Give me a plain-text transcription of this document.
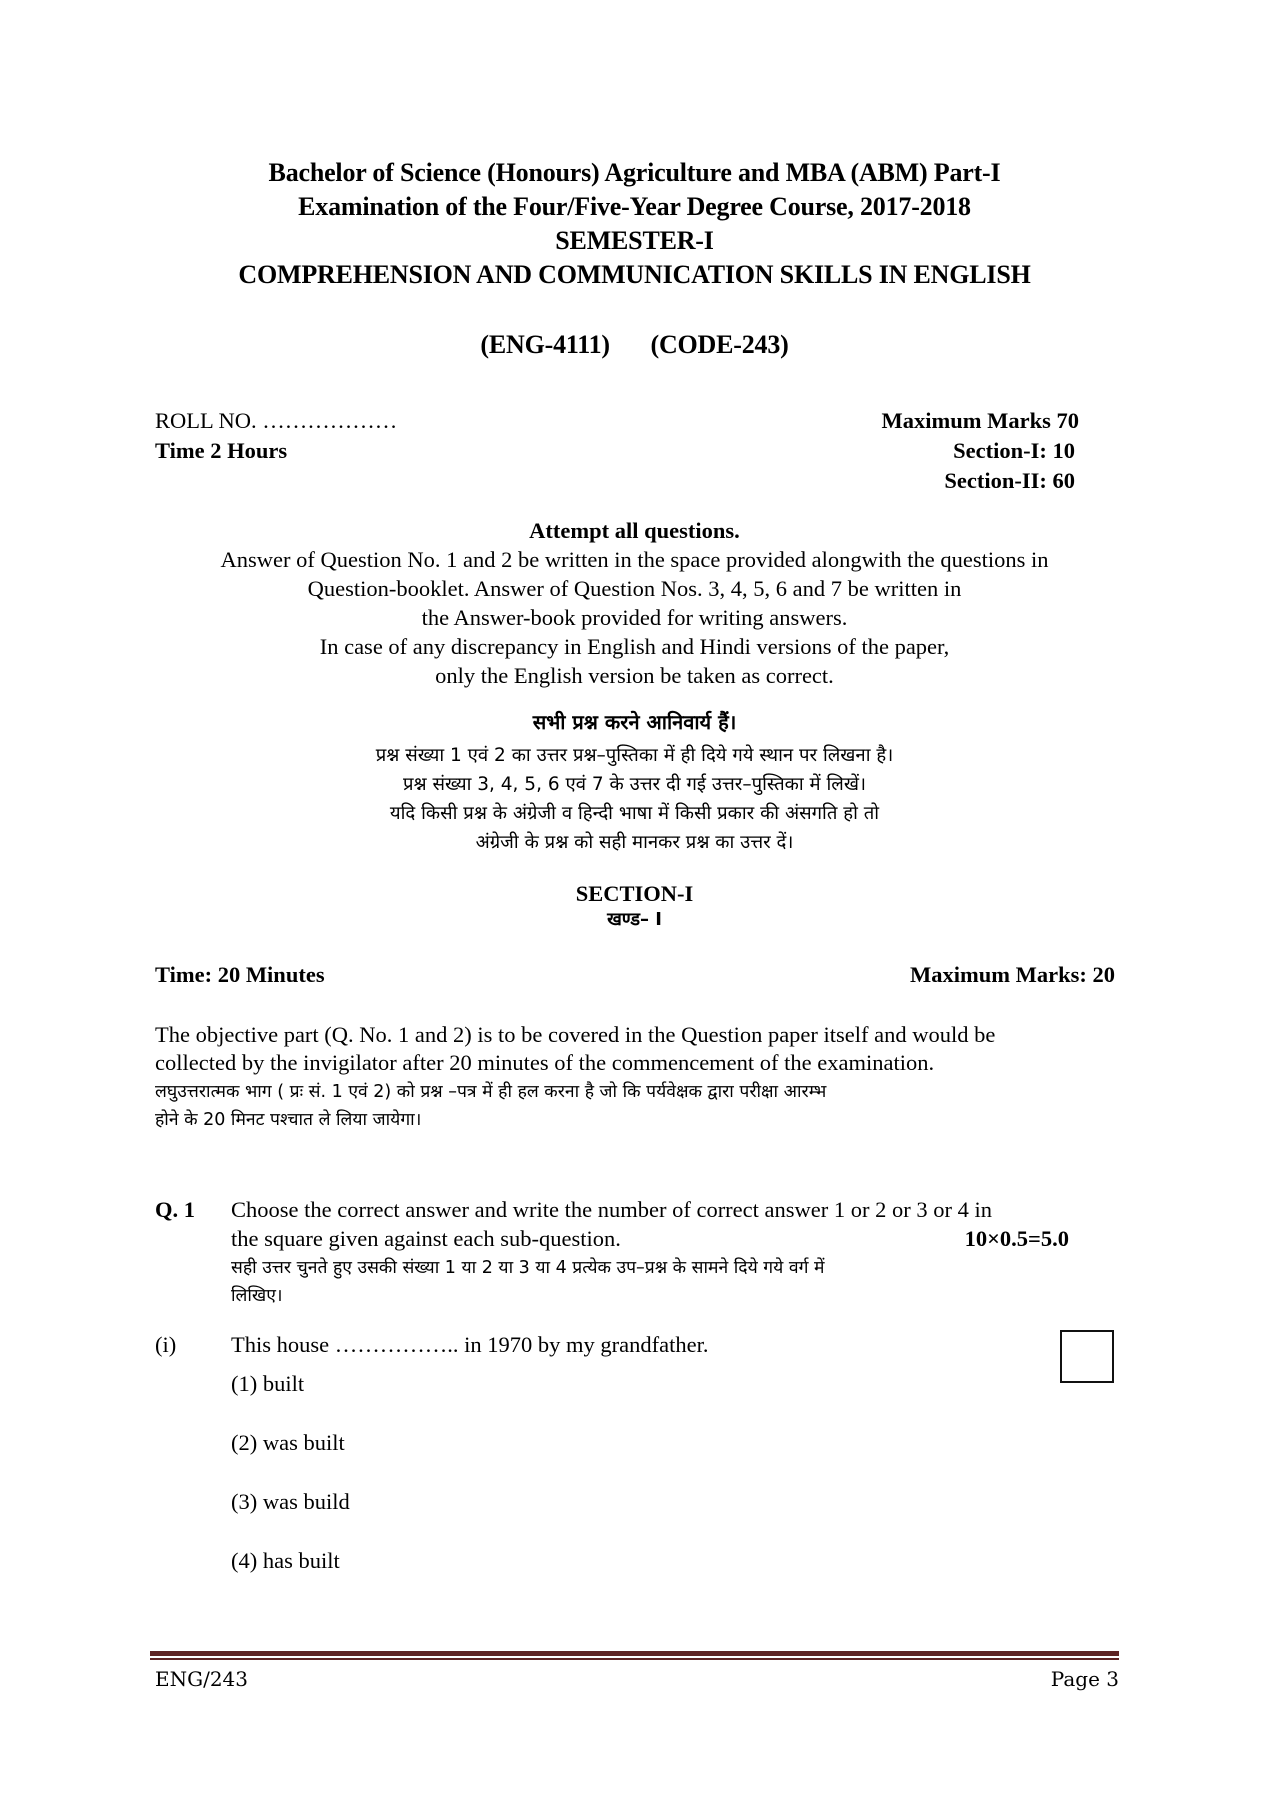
Bachelor of Science (Honours) Agriculture and MBA (ABM) Part-I
Examination of the Four/Five-Year Degree Course, 2017-2018
SEMESTER-I
COMPREHENSION AND COMMUNICATION SKILLS IN ENGLISH
(ENG-4111) (CODE-243)
ROLL NO. ………………
Time 2 Hours
Maximum Marks 70
Section-I: 10
Section-II: 60
Attempt all questions.
Answer of Question No. 1 and 2 be written in the space provided alongwith the questions in
Question-booklet. Answer of Question Nos. 3, 4, 5, 6 and 7 be written in
the Answer-book provided for writing answers.
In case of any discrepancy in English and Hindi versions of the paper,
only the English version be taken as correct.
सभी प्रश्न करने आनिवार्य हैं।
प्रश्न संख्या 1 एवं 2 का उत्तर प्रश्न–पुस्तिका में ही दिये गये स्थान पर लिखना है।
प्रश्न संख्या 3, 4, 5, 6 एवं 7 के उत्तर दी गई उत्तर–पुस्तिका में लिखें।
यदि किसी प्रश्न के अंग्रेजी व हिन्दी भाषा में किसी प्रकार की अंसगति हो तो
अंग्रेजी के प्रश्न को सही मानकर प्रश्न का उत्तर दें।
SECTION-I
खण्ड– I
Time: 20 Minutes	Maximum Marks: 20
The objective part (Q. No. 1 and 2) is to be covered in the Question paper itself and would be
collected by the invigilator after 20 minutes of the commencement of the examination.
लघुउत्तरात्मक भाग ( प्रः सं. 1 एवं 2) को प्रश्न –पत्र में ही हल करना है जो कि पर्यवेक्षक द्वारा परीक्षा आरम्भ
होने के 20 मिनट पश्चात ले लिया जायेगा।
Q. 1 Choose the correct answer and write the number of correct answer 1 or 2 or 3 or 4 in
the square given against each sub-question.	10×0.5=5.0
सही उत्तर चुनते हुए उसकी संख्या 1 या 2 या 3 या 4 प्रत्येक उप–प्रश्न के सामने दिये गये वर्ग में
लिखिए।
(i) This house …………….. in 1970 by my grandfather.
(1) built
(2) was built
(3) was build
(4) has built
ENG/243	Page 3
